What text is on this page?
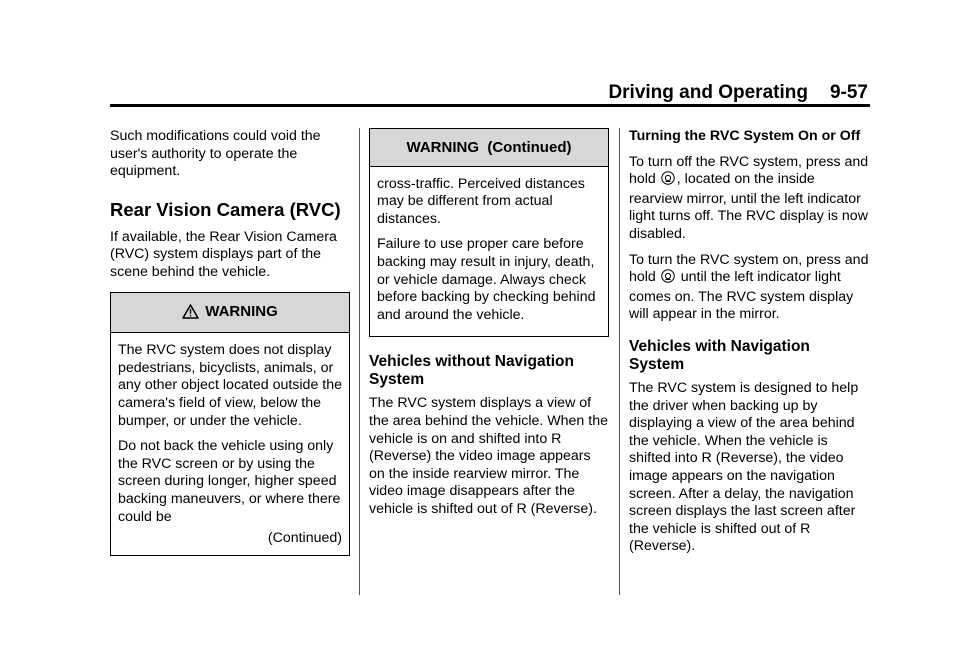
Driving and Operating 9-57

Such modifications could void the user's authority to operate the equipment.

Rear Vision Camera (RVC)

If available, the Rear Vision Camera (RVC) system displays part of the scene behind the vehicle.

WARNING

The RVC system does not display pedestrians, bicyclists, animals, or any other object located outside the camera's field of view, below the bumper, or under the vehicle.

Do not back the vehicle using only the RVC screen or by using the screen during longer, higher speed backing maneuvers, or where there could be

(Continued)
WARNING  (Continued)

cross-traffic. Perceived distances may be different from actual distances.

Failure to use proper care before backing may result in injury, death, or vehicle damage. Always check before backing by checking behind and around the vehicle.

Vehicles without Navigation System

The RVC system displays a view of the area behind the vehicle. When the vehicle is on and shifted into R (Reverse) the video image appears on the inside rearview mirror. The video image disappears after the vehicle is shifted out of R (Reverse).

Turning the RVC System On or Off

To turn off the RVC system, press and hold , located on the inside rearview mirror, until the left indicator light turns off. The RVC display is now disabled.

To turn the RVC system on, press and hold  until the left indicator light comes on. The RVC system display will appear in the mirror.

Vehicles with Navigation System

The RVC system is designed to help the driver when backing up by displaying a view of the area behind the vehicle. When the vehicle is shifted into R (Reverse), the video image appears on the navigation screen. After a delay, the navigation screen displays the last screen after the vehicle is shifted out of R (Reverse).
